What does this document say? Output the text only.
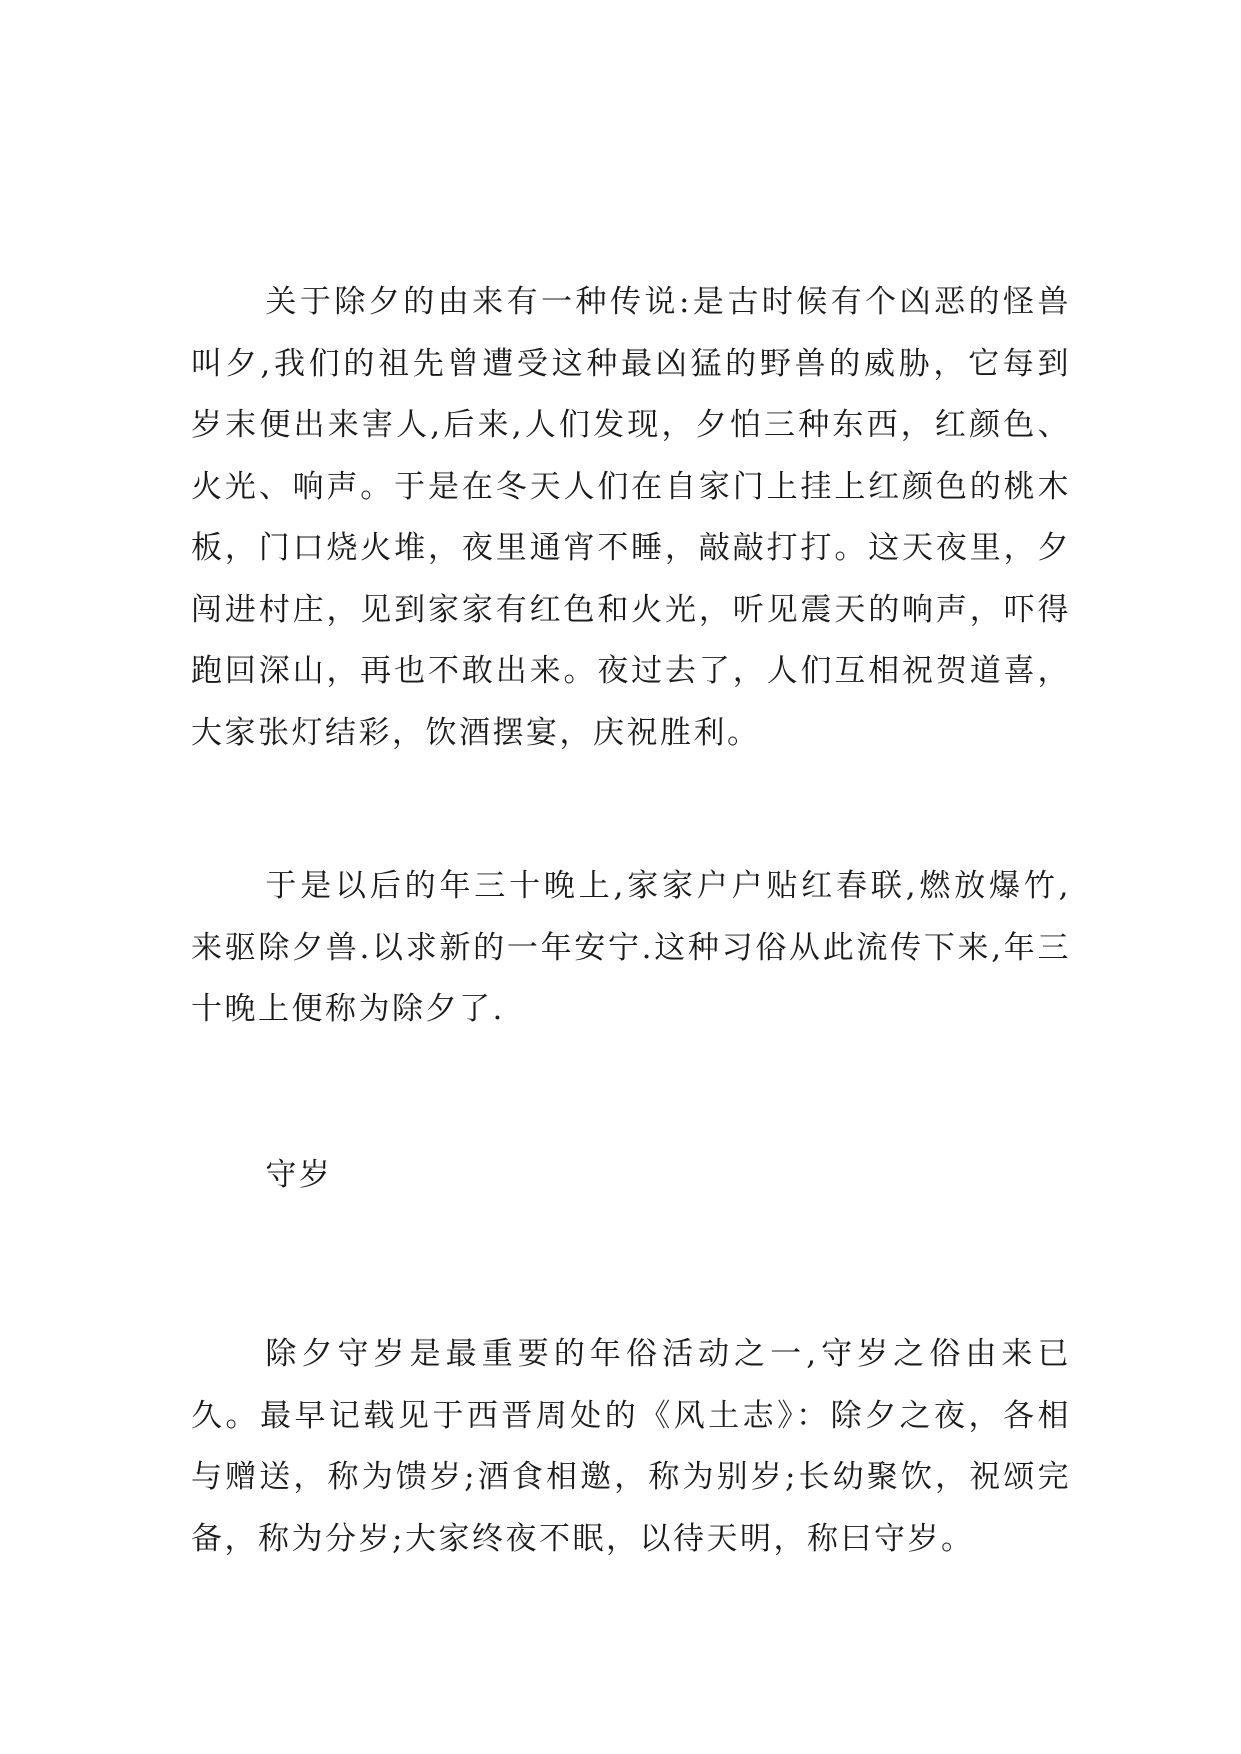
关于除夕的由来有一种传说:是古时候有个凶恶的怪兽叫夕,我们的祖先曾遭受这种最凶猛的野兽的威胁，它每到岁末便出来害人,后来,人们发现，夕怕三种东西，红颜色、火光、响声。于是在冬天人们在自家门上挂上红颜色的桃木板，门口烧火堆，夜里通宵不睡，敲敲打打。这天夜里，夕闯进村庄，见到家家有红色和火光，听见震天的响声，吓得跑回深山，再也不敢出来。夜过去了，人们互相祝贺道喜，大家张灯结彩，饮酒摆宴，庆祝胜利。

于是以后的年三十晚上,家家户户贴红春联,燃放爆竹,来驱除夕兽.以求新的一年安宁.这种习俗从此流传下来,年三十晚上便称为除夕了.

守岁

除夕守岁是最重要的年俗活动之一,守岁之俗由来已久。最早记载见于西晋周处的《风土志》：除夕之夜，各相与赠送，称为馈岁;酒食相邀，称为别岁;长幼聚饮，祝颂完备，称为分岁;大家终夜不眠，以待天明，称曰守岁。
